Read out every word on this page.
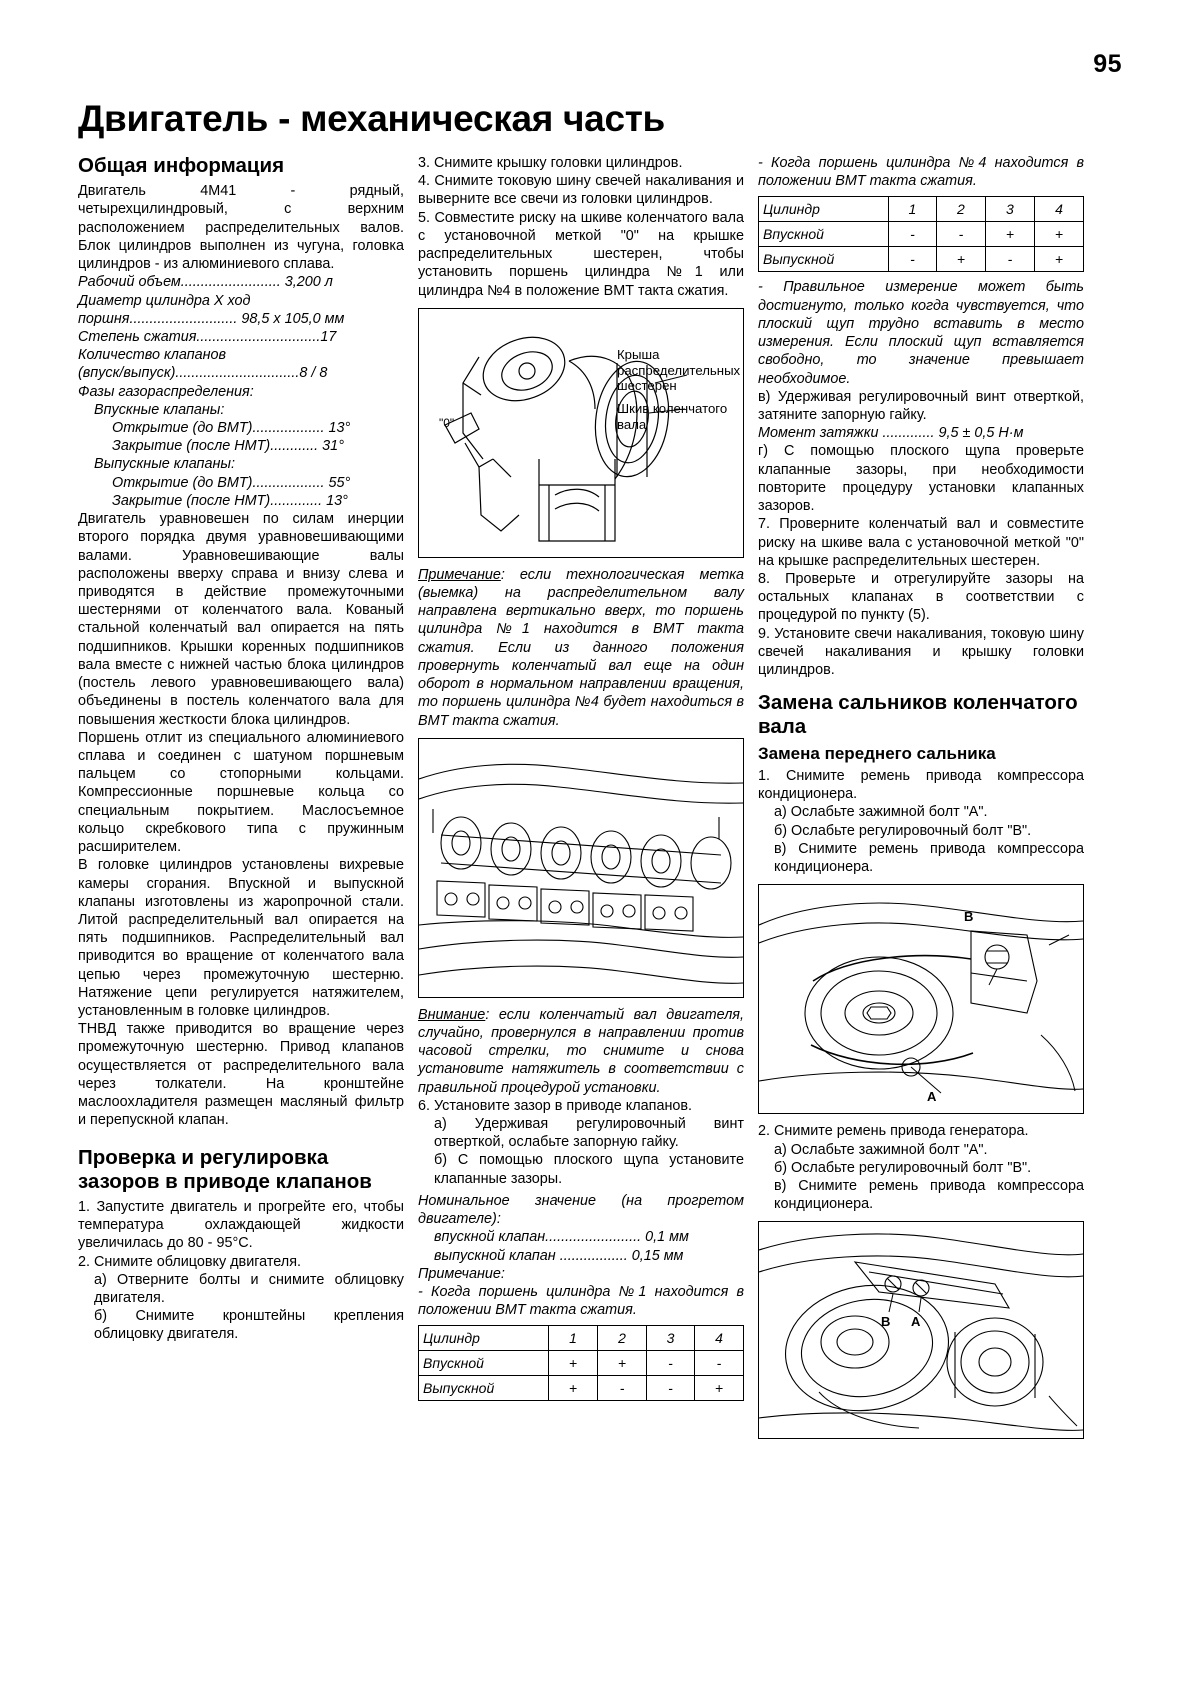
95
Двигатель - механическая часть
Общая информация

Двигатель 4М41 - рядный, четырехцилиндровый, с верхним расположением распределительных валов. Блок цилиндров выполнен из чугуна, головка цилиндров - из алюминиевого сплава.

Рабочий объем......................... 3,200 л

Диаметр цилиндра X ход

поршня........................... 98,5 x 105,0 мм

Степень сжатия...............................17

Количество клапанов

(впуск/выпуск)...............................8 / 8

Фазы газораспределения:

Впускные клапаны:

Открытие (до ВМТ).................. 13°

Закрытие (после НМТ)............ 31°

Выпускные клапаны:

Открытие (до ВМТ).................. 55°

Закрытие (после НМТ)............. 13°

Двигатель уравновешен по силам инерции второго порядка двумя уравновешивающими валами. Уравновешивающие валы расположены вверху справа и внизу слева и приводятся в действие промежуточными шестернями от коленчатого вала. Кованый стальной коленчатый вал опирается на пять подшипников. Крышки коренных подшипников вала вместе с нижней частью блока цилиндров (постель левого уравновешивающего вала) объединены в постель коленчатого вала для повышения жесткости блока цилиндров.

Поршень отлит из специального алюминиевого сплава и соединен с шатуном поршневым пальцем со стопорными кольцами. Компрессионные поршневые кольца со специальным покрытием. Маслосъемное кольцо скребкового типа с пружинным расширителем.

В головке цилиндров установлены вихревые камеры сгорания. Впускной и выпускной клапаны изготовлены из жаропрочной стали. Литой распределительный вал опирается на пять подшипников. Распределительный вал приводится во вращение от коленчатого вала цепью через промежуточную шестерню. Натяжение цепи регулируется натяжителем, установленным в головке цилиндров.

ТНВД также приводится во вращение через промежуточную шестерню. Привод клапанов осуществляется от распределительного вала через толкатели. На кронштейне маслоохладителя размещен масляный фильтр и перепускной клапан.

Проверка и регулировка зазоров в приводе клапанов

1. Запустите двигатель и прогрейте его, чтобы температура охлаждающей жидкости увеличилась до 80 - 95°С.

2. Снимите облицовку двигателя.

а) Отверните болты и снимите облицовку двигателя.

б) Снимите кронштейны крепления облицовку двигателя.

3. Снимите крышку головки цилиндров.

4. Снимите токовую шину свечей накаливания и выверните все свечи из головки цилиндров.

5. Совместите риску на шкиве коленчатого вала с установочной меткой "0" на крышке распределительных шестерен, чтобы установить поршень цилиндра №1 или цилиндра №4 в положение ВМТ такта сжатия.

"0"
Крыша распределительных шестерен
Шкив коленчатого вала

Примечание: если технологическая метка (выемка) на распределительном валу направлена вертикально вверх, то поршень цилиндра №1 находится в ВМТ такта сжатия. Если из данного положения провернуть коленчатый вал еще на один оборот в нормальном направлении вращения, то поршень цилиндра №4 будет находиться в ВМТ такта сжатия.

Внимание: если коленчатый вал двигателя, случайно, провернулся в направлении против часовой стрелки, то снимите и снова установите натяжитель в соответствии с правильной процедурой установки.

6. Установите зазор в приводе клапанов.

а) Удерживая регулировочный винт отверткой, ослабьте запорную гайку.

б) С помощью плоского щупа установите клапанные зазоры.

Номинальное значение (на прогретом двигателе):

впускной клапан........................ 0,1 мм

выпускной клапан ................. 0,15 мм

Примечание:

- Когда поршень цилиндра №1 находится в положении ВМТ такта сжатия.

Цилиндр	1	2	3	4
Впускной	+	+	-	-
Выпускной	+	-	-	+

- Когда поршень цилиндра №4 находится в положении ВМТ такта сжатия.

Цилиндр	1	2	3	4
Впускной	-	-	+	+
Выпускной	-	+	-	+

- Правильное измерение может быть достигнуто, только когда чувствуется, что плоский щуп трудно вставить в место измерения. Если плоский щуп вставляется свободно, то значение превышает необходимое.

в) Удерживая регулировочный винт отверткой, затяните запорную гайку.

Момент затяжки ............. 9,5 ± 0,5 Н·м

г) С помощью плоского щупа проверьте клапанные зазоры, при необходимости повторите процедуру установки клапанных зазоров.

7. Проверните коленчатый вал и совместите риску на шкиве вала с установочной меткой "0" на крышке распределительных шестерен.

8. Проверьте и отрегулируйте зазоры на остальных клапанах в соответствии с процедурой по пункту (5).

9. Установите свечи накаливания, токовую шину свечей накаливания и крышку головки цилиндров.

Замена сальников коленчатого вала
Замена переднего сальника

1. Снимите ремень привода компрессора кондиционера.

а) Ослабьте зажимной болт "А".

б) Ослабьте регулировочный болт "В".

в) Снимите ремень привода компрессора кондиционера.

В
А

2. Снимите ремень привода генератора.

а) Ослабьте зажимной болт "А".

б) Ослабьте регулировочный болт "В".

в) Снимите ремень привода компрессора кондиционера.

В А
